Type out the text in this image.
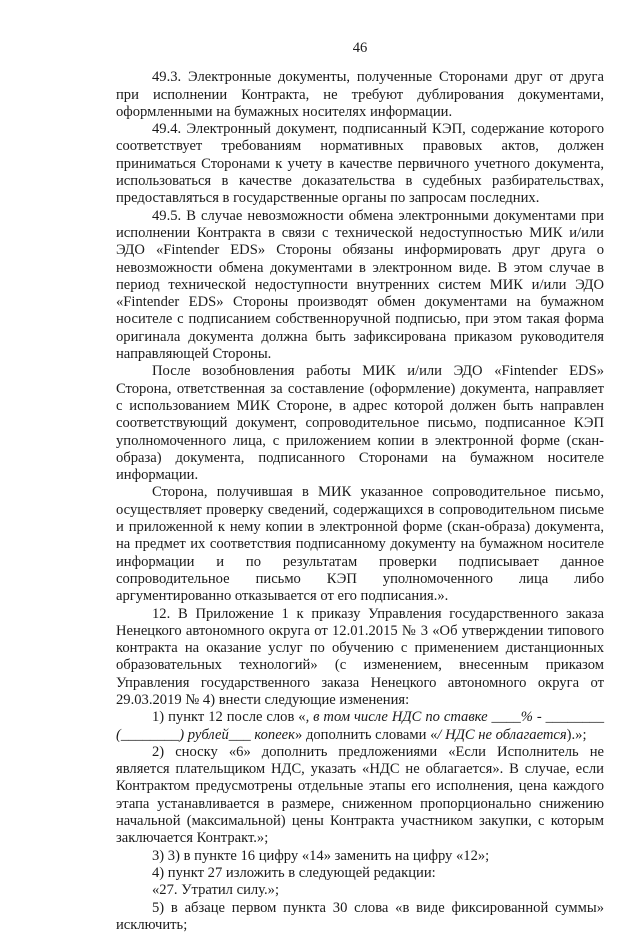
46

49.3. Электронные документы, полученные Сторонами друг от друга при исполнении Контракта, не требуют дублирования документами, оформленными на бумажных носителях информации.

49.4. Электронный документ, подписанный КЭП, содержание которого соответствует требованиям нормативных правовых актов, должен приниматься Сторонами к учету в качестве первичного учетного документа, использоваться в качестве доказательства в судебных разбирательствах, предоставляться в государственные органы по запросам последних.

49.5. В случае невозможности обмена электронными документами при исполнении Контракта в связи с технической недоступностью МИК и/или ЭДО «Fintender EDS» Стороны обязаны информировать друг друга о невозможности обмена документами в электронном виде. В этом случае в период технической недоступности внутренних систем МИК и/или ЭДО «Fintender EDS» Стороны производят обмен документами на бумажном носителе с подписанием собственноручной подписью, при этом такая форма оригинала документа должна быть зафиксирована приказом руководителя направляющей Стороны.

После возобновления работы МИК и/или ЭДО «Fintender EDS» Сторона, ответственная за составление (оформление) документа, направляет с использованием МИК Стороне, в адрес которой должен быть направлен соответствующий документ, сопроводительное письмо, подписанное КЭП уполномоченного лица, с приложением копии в электронной форме (скан-образа) документа, подписанного Сторонами на бумажном носителе информации.

Сторона, получившая в МИК указанное сопроводительное письмо, осуществляет проверку сведений, содержащихся в сопроводительном письме и приложенной к нему копии в электронной форме (скан-образа) документа, на предмет их соответствия подписанному документу на бумажном носителе информации и по результатам проверки подписывает данное сопроводительное письмо КЭП уполномоченного лица либо аргументированно отказывается от его подписания.».

12. В Приложение 1 к приказу Управления государственного заказа Ненецкого автономного округа от 12.01.2015 № 3 «Об утверждении типового контракта на оказание услуг по обучению с применением дистанционных образовательных технологий» (с изменением, внесенным приказом Управления государственного заказа Ненецкого автономного округа от 29.03.2019 № 4) внести следующие изменения:

1) пункт 12 после слов «, в том числе НДС по ставке ____% - ________ (________) рублей___ копеек» дополнить словами «/ НДС не облагается).»;

2) сноску «6» дополнить предложениями «Если Исполнитель не является плательщиком НДС, указать «НДС не облагается». В случае, если Контрактом предусмотрены отдельные этапы его исполнения, цена каждого этапа устанавливается в размере, сниженном пропорционально снижению начальной (максимальной) цены Контракта участником закупки, с которым заключается Контракт.»;

3) 3) в пункте 16 цифру «14» заменить на цифру «12»;

4) пункт 27 изложить в следующей редакции:

«27. Утратил силу.»;

5) в абзаце первом пункта 30 слова «в виде фиксированной суммы» исключить;
